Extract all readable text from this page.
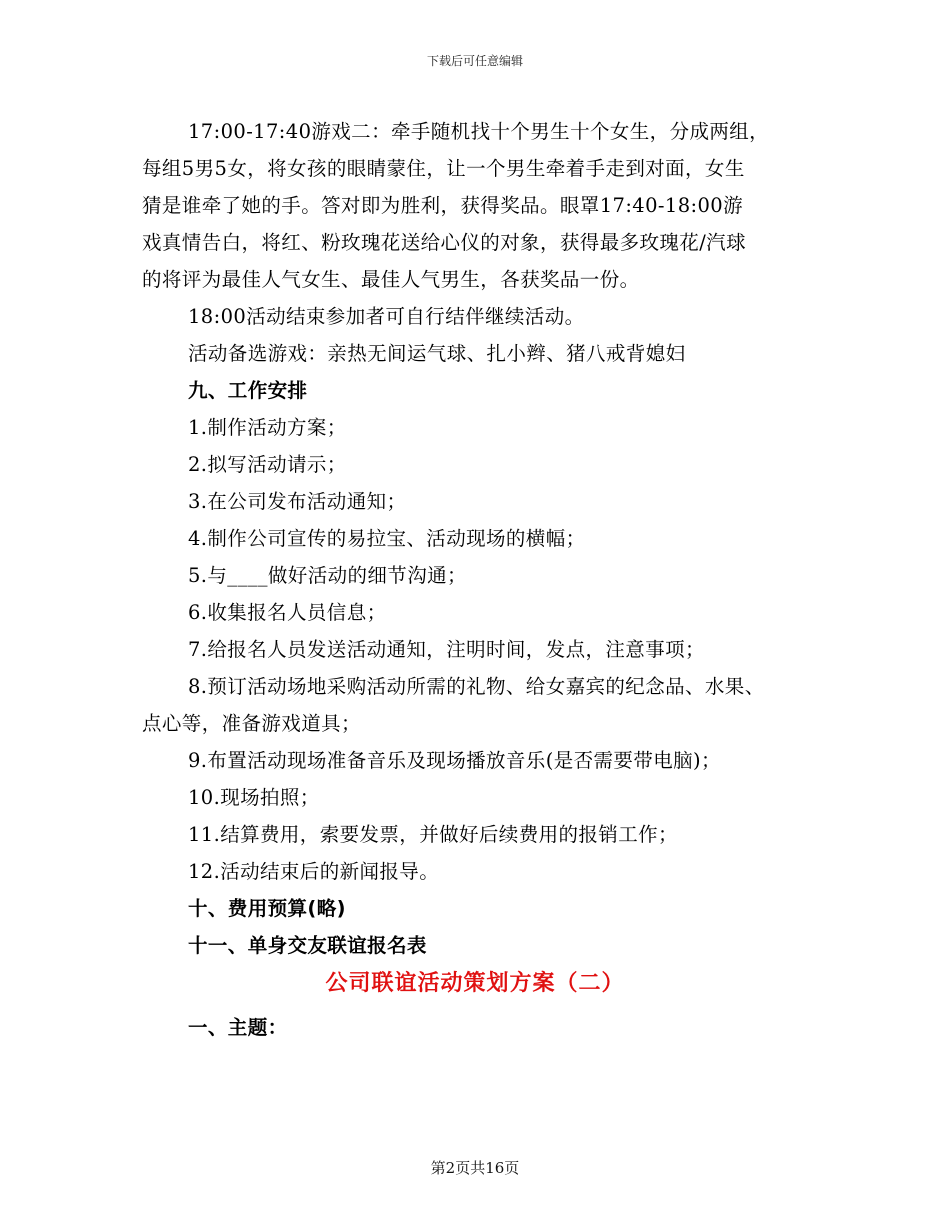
下载后可任意编辑
17:00-17:40游戏二：牵手随机找十个男生十个女生，分成两组，
每组5男5女，将女孩的眼睛蒙住，让一个男生牵着手走到对面，女生
猜是谁牵了她的手。答对即为胜利，获得奖品。眼罩17:40-18:00游
戏真情告白，将红、粉玫瑰花送给心仪的对象，获得最多玫瑰花/汽球
的将评为最佳人气女生、最佳人气男生，各获奖品一份。
18:00活动结束参加者可自行结伴继续活动。
活动备选游戏：亲热无间运气球、扎小辫、猪八戒背媳妇
九、工作安排
1.制作活动方案；
2.拟写活动请示；
3.在公司发布活动通知；
4.制作公司宣传的易拉宝、活动现场的横幅；
5.与____做好活动的细节沟通；
6.收集报名人员信息；
7.给报名人员发送活动通知，注明时间，发点，注意事项；
8.预订活动场地采购活动所需的礼物、给女嘉宾的纪念品、水果、
点心等，准备游戏道具；
9.布置活动现场准备音乐及现场播放音乐(是否需要带电脑)；
10.现场拍照；
11.结算费用，索要发票，并做好后续费用的报销工作；
12.活动结束后的新闻报导。
十、费用预算(略)
十一、单身交友联谊报名表
公司联谊活动策划方案（二）
一、主题：
第2页共16页
